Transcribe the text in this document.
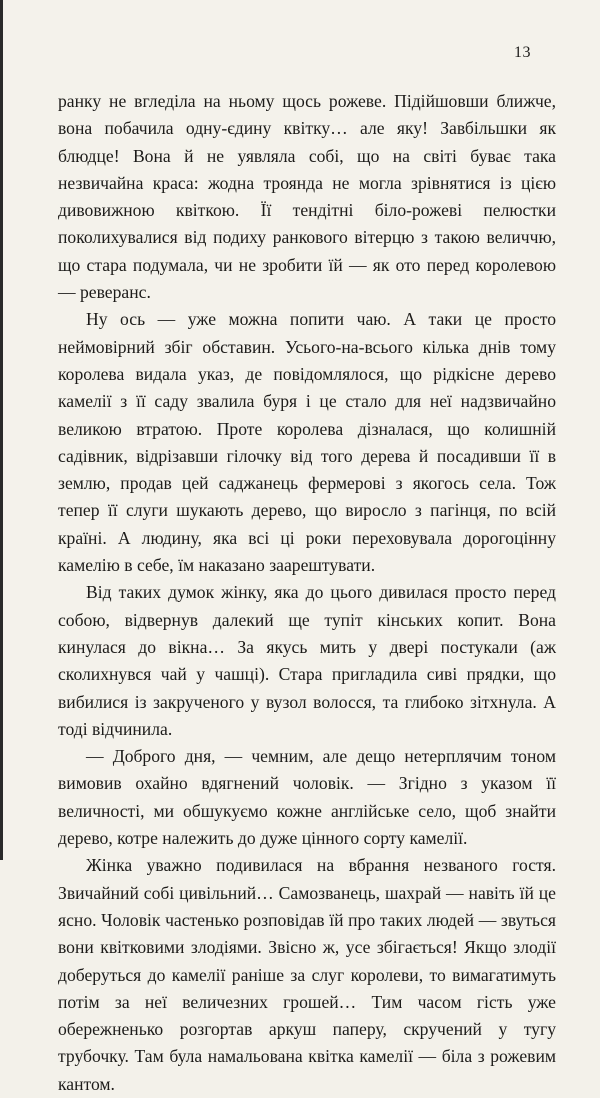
13

ранку не вгледіла на ньому щось рожеве. Підійшовши ближче, вона побачила одну-єдину квітку… але яку! Завбільшки як блюдце! Вона й не уявляла собі, що на світі буває така незвичайна краса: жодна троянда не могла зрівнятися із цією дивовижною квіткою. Її тендітні біло-рожеві пелюстки поколихувалися від подиху ранкового вітерцю з такою величчю, що стара подумала, чи не зробити їй — як ото перед королевою — реверанс.

Ну ось — уже можна попити чаю. А таки це просто неймовірний збіг обставин. Усього-на-всього кілька днів тому королева видала указ, де повідомлялося, що рідкісне дерево камелії з її саду звалила буря і це стало для неї надзвичайно великою втратою. Проте королева дізналася, що колишній садівник, відрізавши гілочку від того дерева й посадивши її в землю, продав цей саджанець фермерові з якогось села. Тож тепер її слуги шукають дерево, що виросло з пагінця, по всій країні. А людину, яка всі ці роки переховувала дорогоцінну камелію в себе, їм наказано заарештувати.

Від таких думок жінку, яка до цього дивилася просто перед собою, відвернув далекий ще тупіт кінських копит. Вона кинулася до вікна… За якусь мить у двері постукали (аж сколихнувся чай у чашці). Стара пригладила сиві прядки, що вибилися із закрученого у вузол волосся, та глибоко зітхнула. А тоді відчинила.

— Доброго дня, — чемним, але дещо нетерплячим тоном вимовив охайно вдягнений чоловік. — Згідно з указом її величності, ми обшукуємо кожне англійське село, щоб знайти дерево, котре належить до дуже цінного сорту камелії.

Жінка уважно подивилася на вбрання незваного гостя. Звичайний собі цивільний… Самозванець, шахрай — навіть їй це ясно. Чоловік частенько розповідав їй про таких людей — звуться вони квітковими злодіями. Звісно ж, усе збігається! Якщо злодії доберуться до камелії раніше за слуг королеви, то вимагатимуть потім за неї величезних грошей… Тим часом гість уже обережненько розгортав аркуш паперу, скручений у тугу трубочку. Там була намальована квітка камелії — біла з рожевим кантом.
